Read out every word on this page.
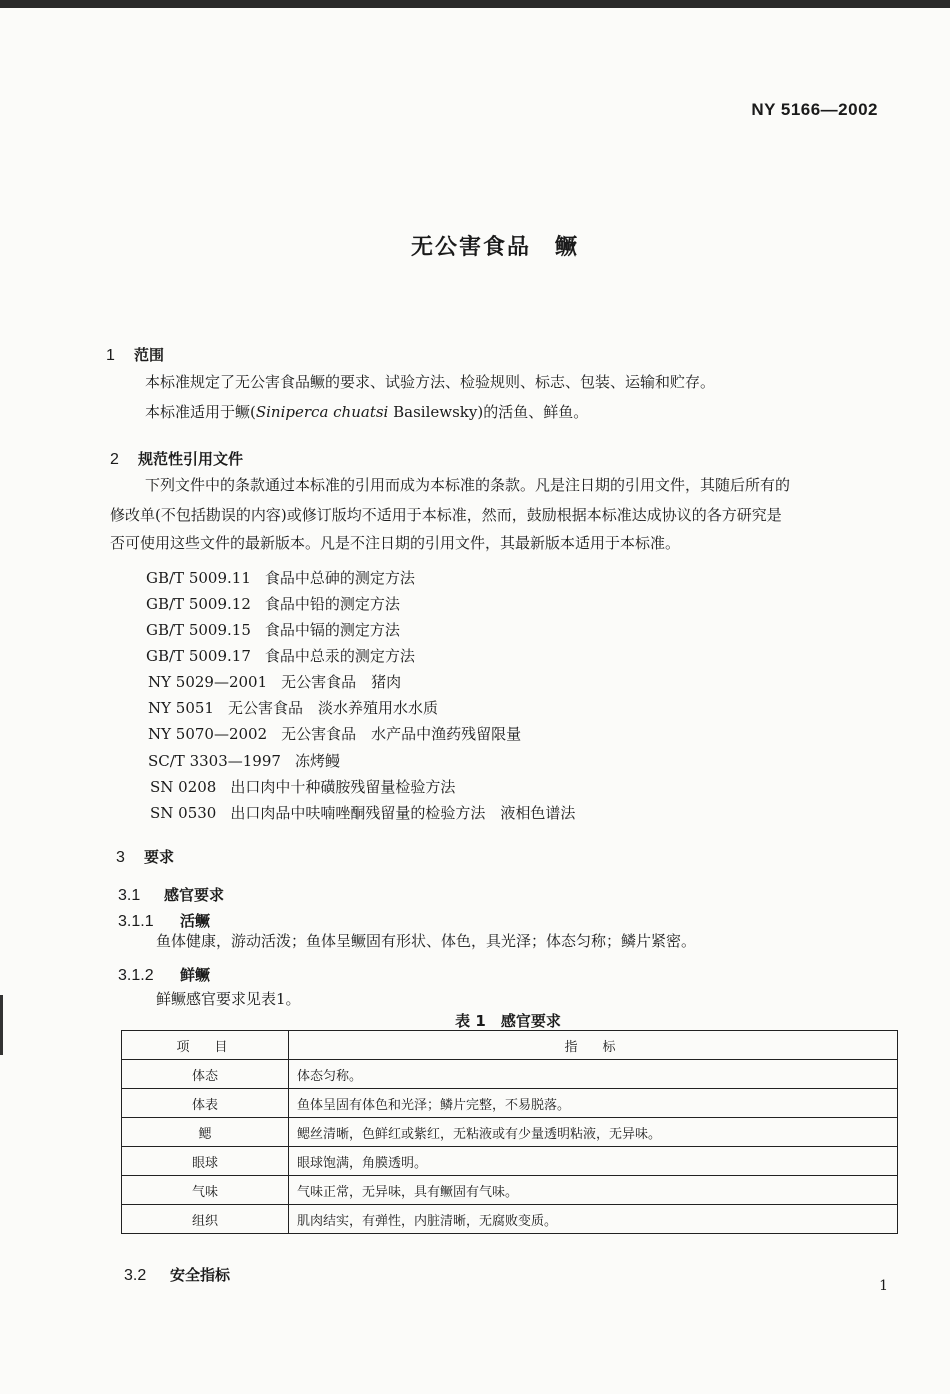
NY 5166—2002
无公害食品　鳜
1 范围
本标准规定了无公害食品鳜的要求、试验方法、检验规则、标志、包装、运输和贮存。
本标准适用于鳜(Siniperca chuatsi Basilewsky)的活鱼、鲜鱼。
2 规范性引用文件
下列文件中的条款通过本标准的引用而成为本标准的条款。凡是注日期的引用文件，其随后所有的
修改单(不包括勘误的内容)或修订版均不适用于本标准，然而，鼓励根据本标准达成协议的各方研究是
否可使用这些文件的最新版本。凡是不注日期的引用文件，其最新版本适用于本标准。
GB/T 5009.11 食品中总砷的测定方法
GB/T 5009.12 食品中铅的测定方法
GB/T 5009.15 食品中镉的测定方法
GB/T 5009.17 食品中总汞的测定方法
NY 5029—2001 无公害食品　猪肉
NY 5051 无公害食品　淡水养殖用水水质
NY 5070—2002 无公害食品　水产品中渔药残留限量
SC/T 3303—1997 冻烤鳗
SN 0208 出口肉中十种磺胺残留量检验方法
SN 0530 出口肉品中呋喃唑酮残留量的检验方法　液相色谱法
3 要求
3.1 感官要求
3.1.1 活鳜
鱼体健康，游动活泼；鱼体呈鳜固有形状、体色，具光泽；体态匀称；鳞片紧密。
3.1.2 鲜鳜
鲜鳜感官要求见表1。
表 1　感官要求
项　目	指　标
体态	体态匀称。
体表	鱼体呈固有体色和光泽；鳞片完整，不易脱落。
鳃	鳃丝清晰，色鲜红或紫红，无粘液或有少量透明粘液，无异味。
眼球	眼球饱满，角膜透明。
气味	气味正常，无异味，具有鳜固有气味。
组织	肌肉结实，有弹性，内脏清晰，无腐败变质。
3.2 安全指标
1
